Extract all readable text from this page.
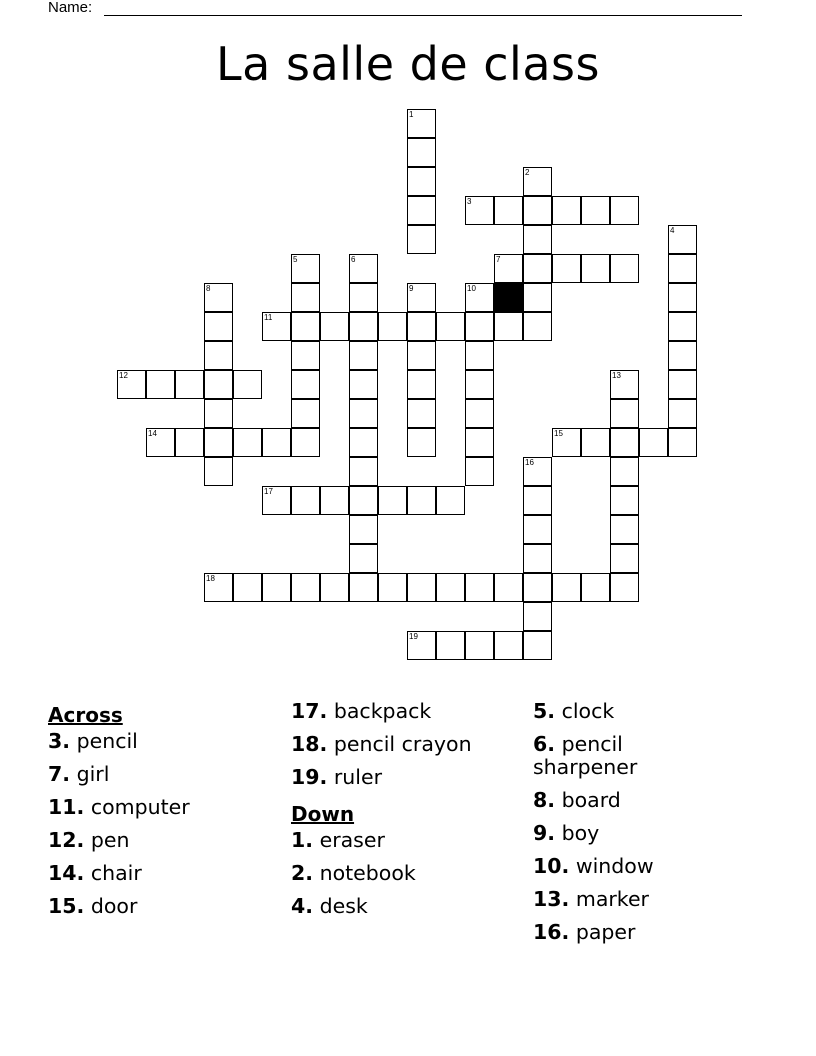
Name:
La salle de class
1
3
2
4
7
5	6
8	9	10
11
12	13
14	15
16
17
18
19
Across
3. pencil
7. girl
11. computer
12. pen
14. chair
15. door
17. backpack
18. pencil crayon
19. ruler
Down
1. eraser
2. notebook
4. desk
5. clock
6. pencil sharpener
8. board
9. boy
10. window
13. marker
16. paper
